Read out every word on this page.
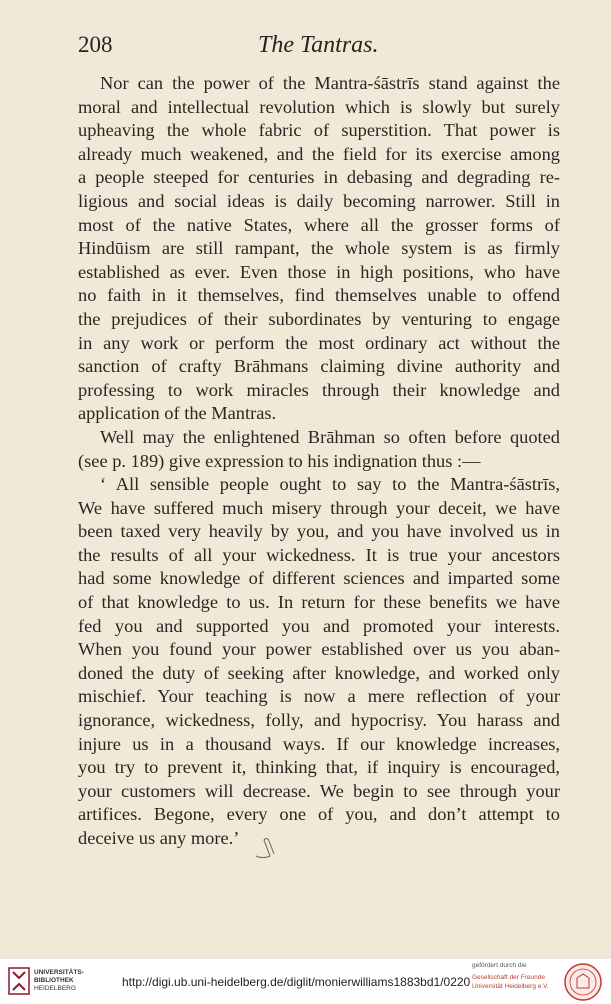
208	The Tantras.
Nor can the power of the Mantra-śāstrīs stand against the
moral and intellectual revolution which is slowly but surely
upheaving the whole fabric of superstition. That power is
already much weakened, and the field for its exercise among
a people steeped for centuries in debasing and degrading re-
ligious and social ideas is daily becoming narrower. Still in
most of the native States, where all the grosser forms of
Hindūism are still rampant, the whole system is as firmly
established as ever. Even those in high positions, who have
no faith in it themselves, find themselves unable to offend
the prejudices of their subordinates by venturing to engage
in any work or perform the most ordinary act without the
sanction of crafty Brāhmans claiming divine authority and
professing to work miracles through their knowledge and
application of the Mantras.
Well may the enlightened Brāhman so often before quoted
(see p. 189) give expression to his indignation thus :—
‘ All sensible people ought to say to the Mantra-śāstrīs,
We have suffered much misery through your deceit, we have
been taxed very heavily by you, and you have involved us in
the results of all your wickedness. It is true your ancestors
had some knowledge of different sciences and imparted some
of that knowledge to us. In return for these benefits we have
fed you and supported you and promoted your interests.
When you found your power established over us you aban-
doned the duty of seeking after knowledge, and worked only
mischief. Your teaching is now a mere reflection of your
ignorance, wickedness, folly, and hypocrisy. You harass and
injure us in a thousand ways. If our knowledge increases,
you try to prevent it, thinking that, if inquiry is encouraged,
your customers will decrease. We begin to see through your
artifices. Begone, every one of you, and don’t attempt to
deceive us any more.’
UNIVERSITÄTS-
BIBLIOTHEK
HEIDELBERG	http://digi.ub.uni-heidelberg.de/diglit/monierwilliams1883bd1/0220
gefördert durch die
Gesellschaft der Freunde
Universität Heidelberg e.V.
